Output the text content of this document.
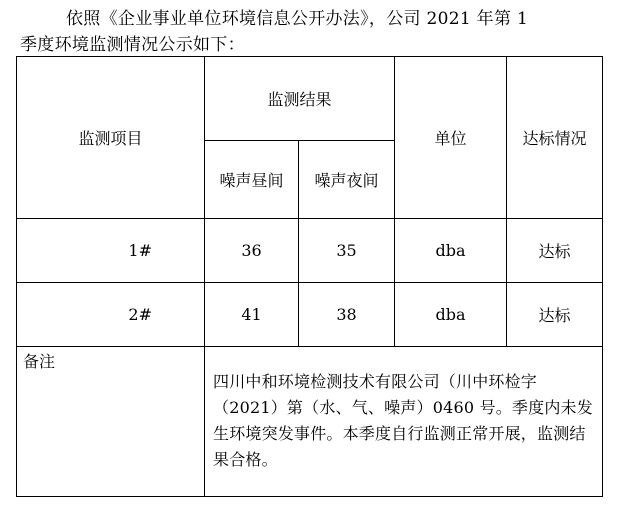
依照《企业事业单位环境信息公开办法》，公司 2021 年第 1
季度环境监测情况公示如下：
监测项目	监测结果		单位	达标情况
	噪声昼间	噪声夜间		
1#	36	35	dba	达标
2#	41	38	dba	达标
备注	四川中和环境检测技术有限公司（川中环检字（2021）第（水、气、噪声）0460 号。季度内未发生环境突发事件。本季度自行监测正常开展，监测结果合格。			
